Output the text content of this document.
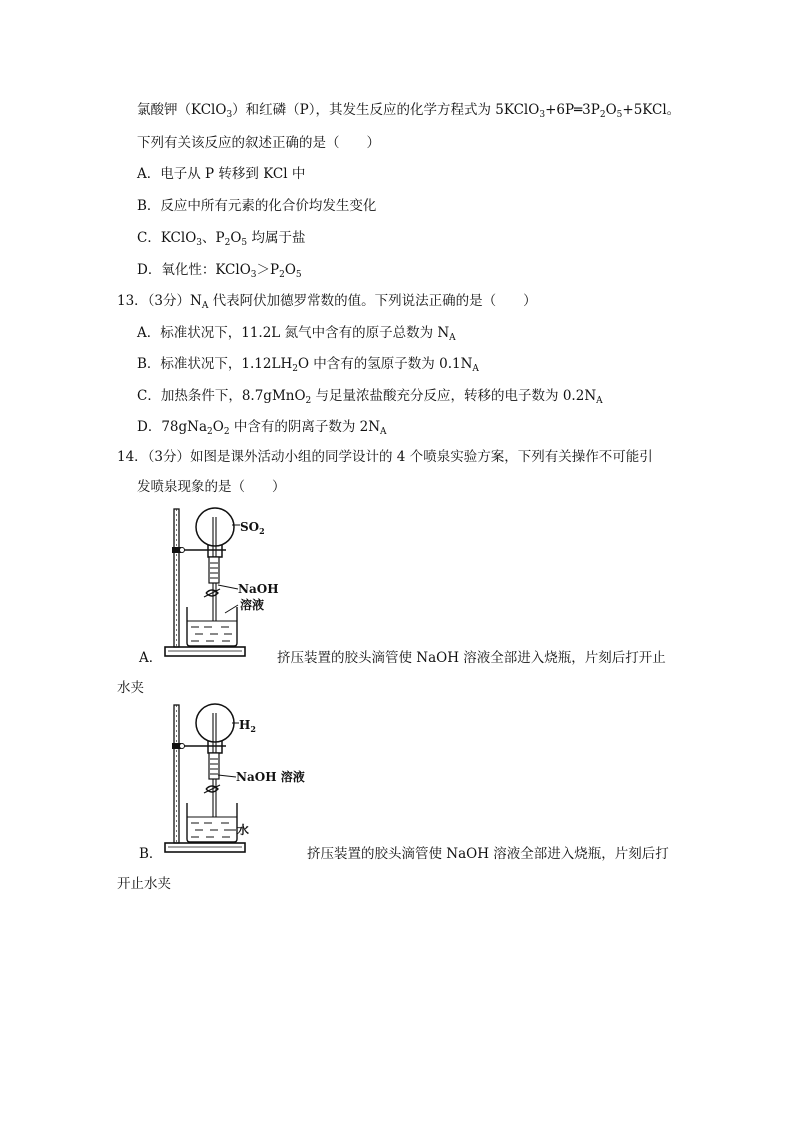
氯酸钾（KClO$_3$）和红磷（P），其发生反应的化学方程式为 $5KClO_3+6P═3P_2O_5+5KCl$。
下列有关该反应的叙述正确的是（　　）
A．电子从 P 转移到 KCl 中
B．反应中所有元素的化合价均发生变化
C．KClO$_3$、$P_2O_5$ 均属于盐
D．氧化性：$KClO_3>P_2O_5$
13．（3分）$N_A$ 代表阿伏加德罗常数的值。下列说法正确的是（　　）
A．标准状况下，11.2L 氮气中含有的原子总数为 $N_A$
B．标准状况下，$1.12LH_2O$ 中含有的氢原子数为 $0.1N_A$
C．加热条件下，8.7gMnO$_2$ 与足量浓盐酸充分反应，转移的电子数为 $0.2N_A$
D．$78gNa_2O_2$ 中含有的阴离子数为 $2N_A$
14．（3分）如图是课外活动小组的同学设计的 4 个喷泉实验方案，下列有关操作不可能引
发喷泉现象的是（　　）
$SO_2$
NaOH
溶液
A．	挤压装置的胶头滴管使 NaOH 溶液全部进入烧瓶，片刻后打开止
水夹
$H_2$
NaOH 溶液
水
B．	挤压装置的胶头滴管使 NaOH 溶液全部进入烧瓶，片刻后打
开止水夹
